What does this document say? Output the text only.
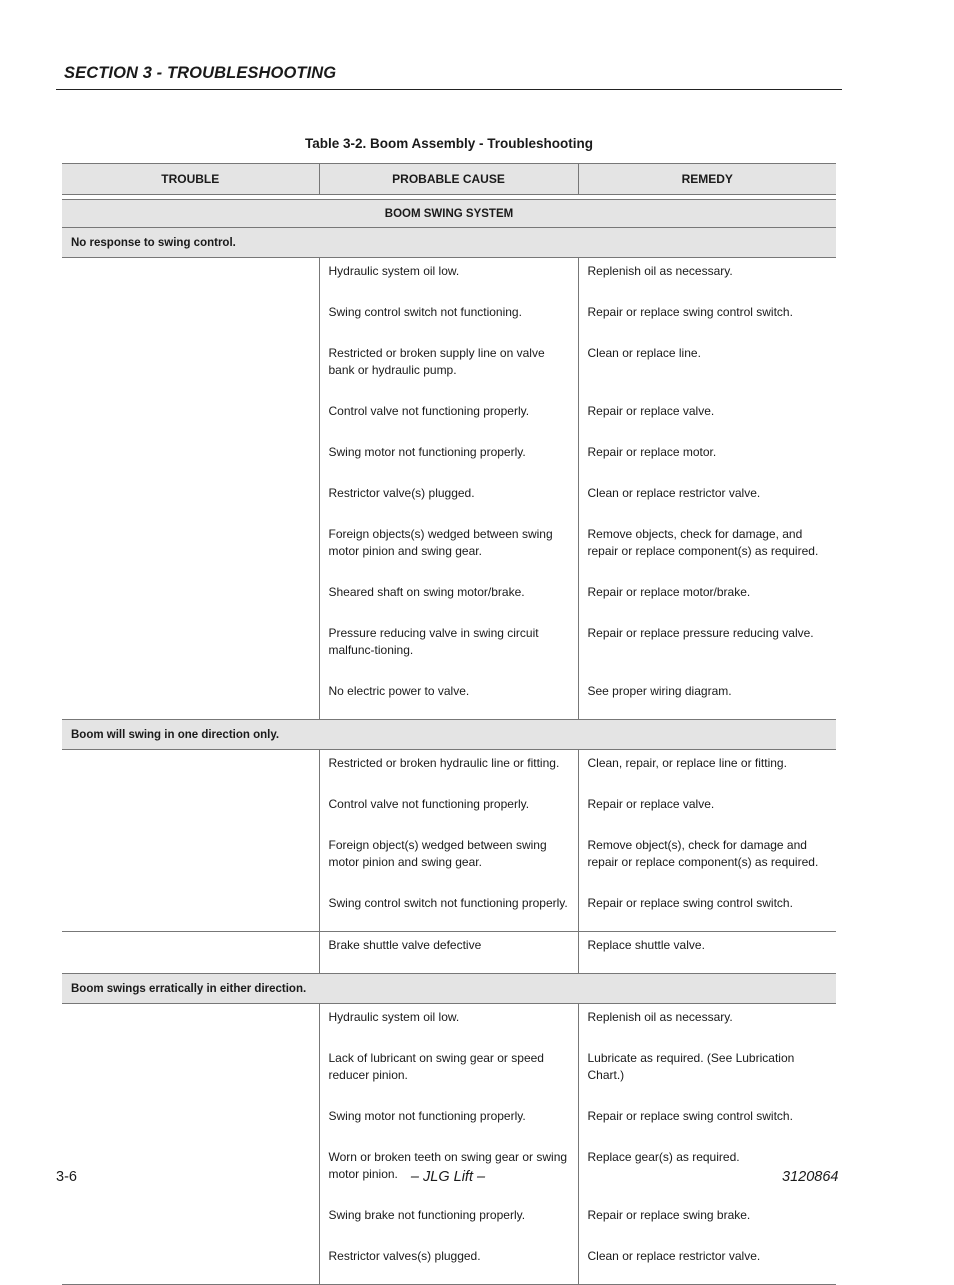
SECTION 3 - TROUBLESHOOTING
Table 3-2. Boom Assembly - Troubleshooting
TROUBLE	PROBABLE CAUSE	REMEDY

BOOM SWING SYSTEM		
No response to swing control.		
	Hydraulic system oil low.	Replenish oil as necessary.
	Swing control switch not functioning.	Repair or replace swing control switch.
	Restricted or broken supply line on valve bank or hydraulic pump.	Clean or replace line.
	Control valve not functioning properly.	Repair or replace valve.
	Swing motor not functioning properly.	Repair or replace motor.
	Restrictor valve(s) plugged.	Clean or replace restrictor valve.
	Foreign objects(s) wedged between swing motor pinion and swing gear.	Remove objects, check for damage, and repair or replace component(s) as required.
	Sheared shaft on swing motor/brake.	Repair or replace motor/brake.
	Pressure reducing valve in swing circuit malfunc-tioning.	Repair or replace pressure reducing valve.
	No electric power to valve.	See proper wiring diagram.
Boom will swing in one direction only.		
	Restricted or broken hydraulic line or fitting.	Clean, repair, or replace line or fitting.
	Control valve not functioning properly.	Repair or replace valve.
	Foreign object(s) wedged between swing motor pinion and swing gear.	Remove object(s), check for damage and repair or replace component(s) as required.
	Swing control switch not functioning properly.	Repair or replace swing control switch.
	Brake shuttle valve defective	Replace shuttle valve.
Boom swings erratically in either direction.		
	Hydraulic system oil low.	Replenish oil as necessary.
	Lack of lubricant on swing gear or speed reducer pinion.	Lubricate as required. (See Lubrication Chart.)
	Swing motor not functioning properly.	Repair or replace swing control switch.
	Worn or broken teeth on swing gear or swing motor pinion.	Replace gear(s) as required.
	Swing brake not functioning properly.	Repair or replace swing brake.
	Restrictor valves(s) plugged.	Clean or replace restrictor valve.
3-6	– JLG Lift –	3120864
